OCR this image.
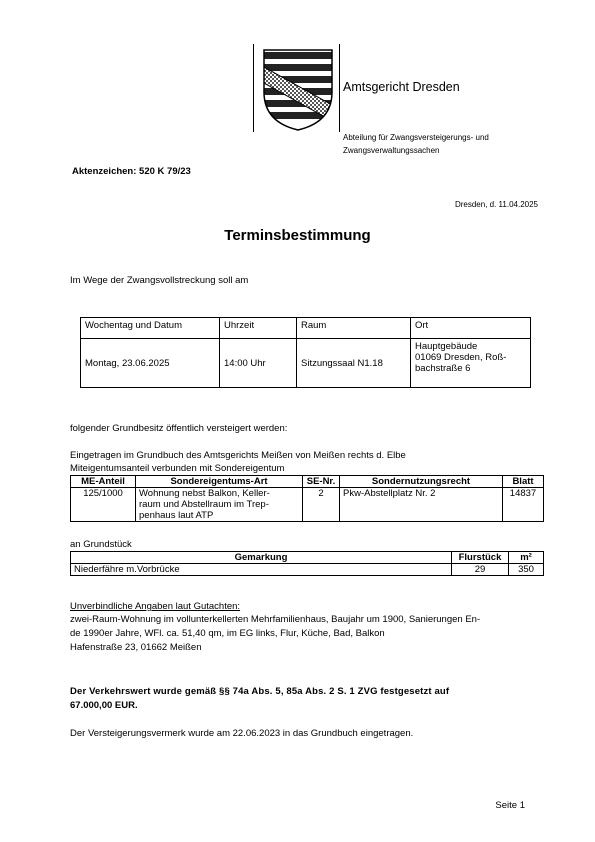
Amtsgericht Dresden
Abteilung für Zwangsversteigerungs- und
Zwangsverwaltungssachen
Aktenzeichen: 520 K 79/23
Dresden, d. 11.04.2025
Terminsbestimmung
Im Wege der Zwangsvollstreckung soll am
Wochentag und Datum	Uhrzeit	Raum	Ort
Montag, 23.06.2025	14:00 Uhr	Sitzungssaal N1.18	Hauptgebäude
01069 Dresden, Roß-
bachstraße 6
folgender Grundbesitz öffentlich versteigert werden:
Eingetragen im Grundbuch des Amtsgerichts Meißen von Meißen rechts d. Elbe
Miteigentumsanteil verbunden mit Sondereigentum
ME-Anteil	Sondereigentums-Art	SE-Nr.	Sondernutzungsrecht	Blatt
125/1000	Wohnung nebst Balkon, Keller-
raum und Abstellraum im Trep-
penhaus laut ATP	2	Pkw-Abstellplatz Nr. 2	14837
an Grundstück
Gemarkung	Flurstück	m²
Niederfähre m.Vorbrücke	29	350
Unverbindliche Angaben laut Gutachten:
zwei-Raum-Wohnung im vollunterkellerten Mehrfamilienhaus, Baujahr um 1900, Sanierungen En-
de 1990er Jahre, WFl. ca. 51,40 qm, im EG links, Flur, Küche, Bad, Balkon
Hafenstraße 23, 01662 Meißen
Der Verkehrswert wurde gemäß §§ 74a Abs. 5, 85a Abs. 2 S. 1 ZVG festgesetzt auf
67.000,00 EUR.
Der Versteigerungsvermerk wurde am 22.06.2023 in das Grundbuch eingetragen.
Seite 1
